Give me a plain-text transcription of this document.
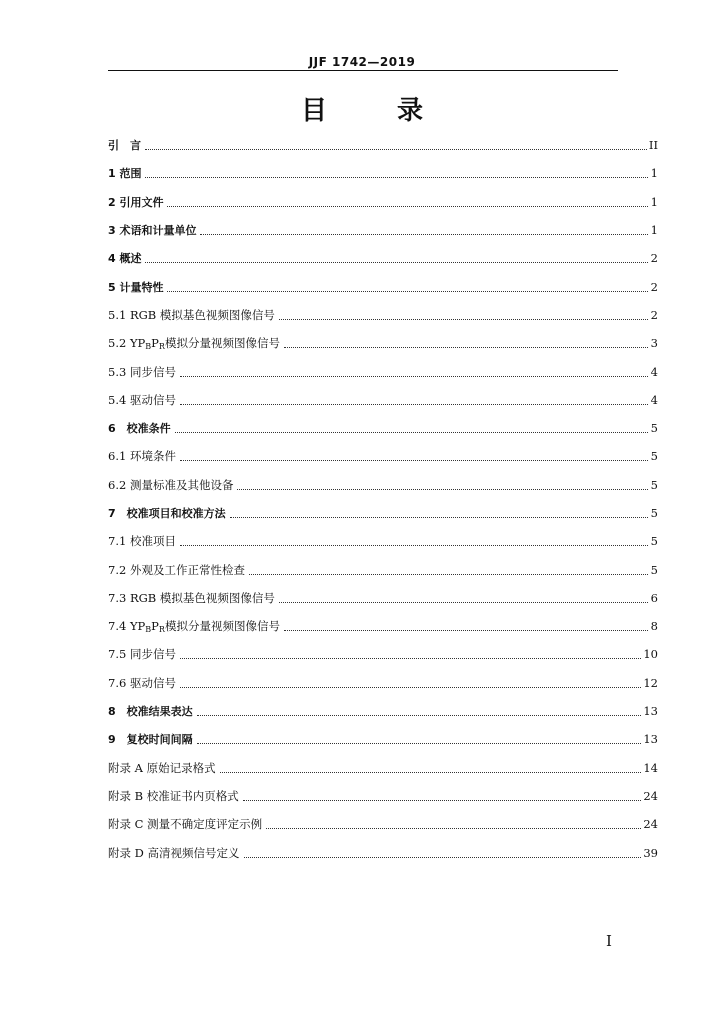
JJF 1742—2019
目	录
引　言	II
1 范围	1
2 引用文件	1
3 术语和计量单位	1
4 概述	2
5 计量特性	2
5.1 RGB 模拟基色视频图像信号	2
5.2 $YP_BP_R$模拟分量视频图像信号	3
5.3 同步信号	4
5.4 驱动信号	4
6　校准条件	5
6.1 环境条件	5
6.2 测量标准及其他设备	5
7　校准项目和校准方法	5
7.1 校准项目	5
7.2 外观及工作正常性检查	5
7.3 RGB 模拟基色视频图像信号	6
7.4 $YP_BP_R$模拟分量视频图像信号	8
7.5 同步信号	10
7.6 驱动信号	12
8　校准结果表达	13
9　复校时间间隔	13
附录 A 原始记录格式	14
附录 B 校准证书内页格式	24
附录 C 测量不确定度评定示例	24
附录 D 高清视频信号定义	39
I
